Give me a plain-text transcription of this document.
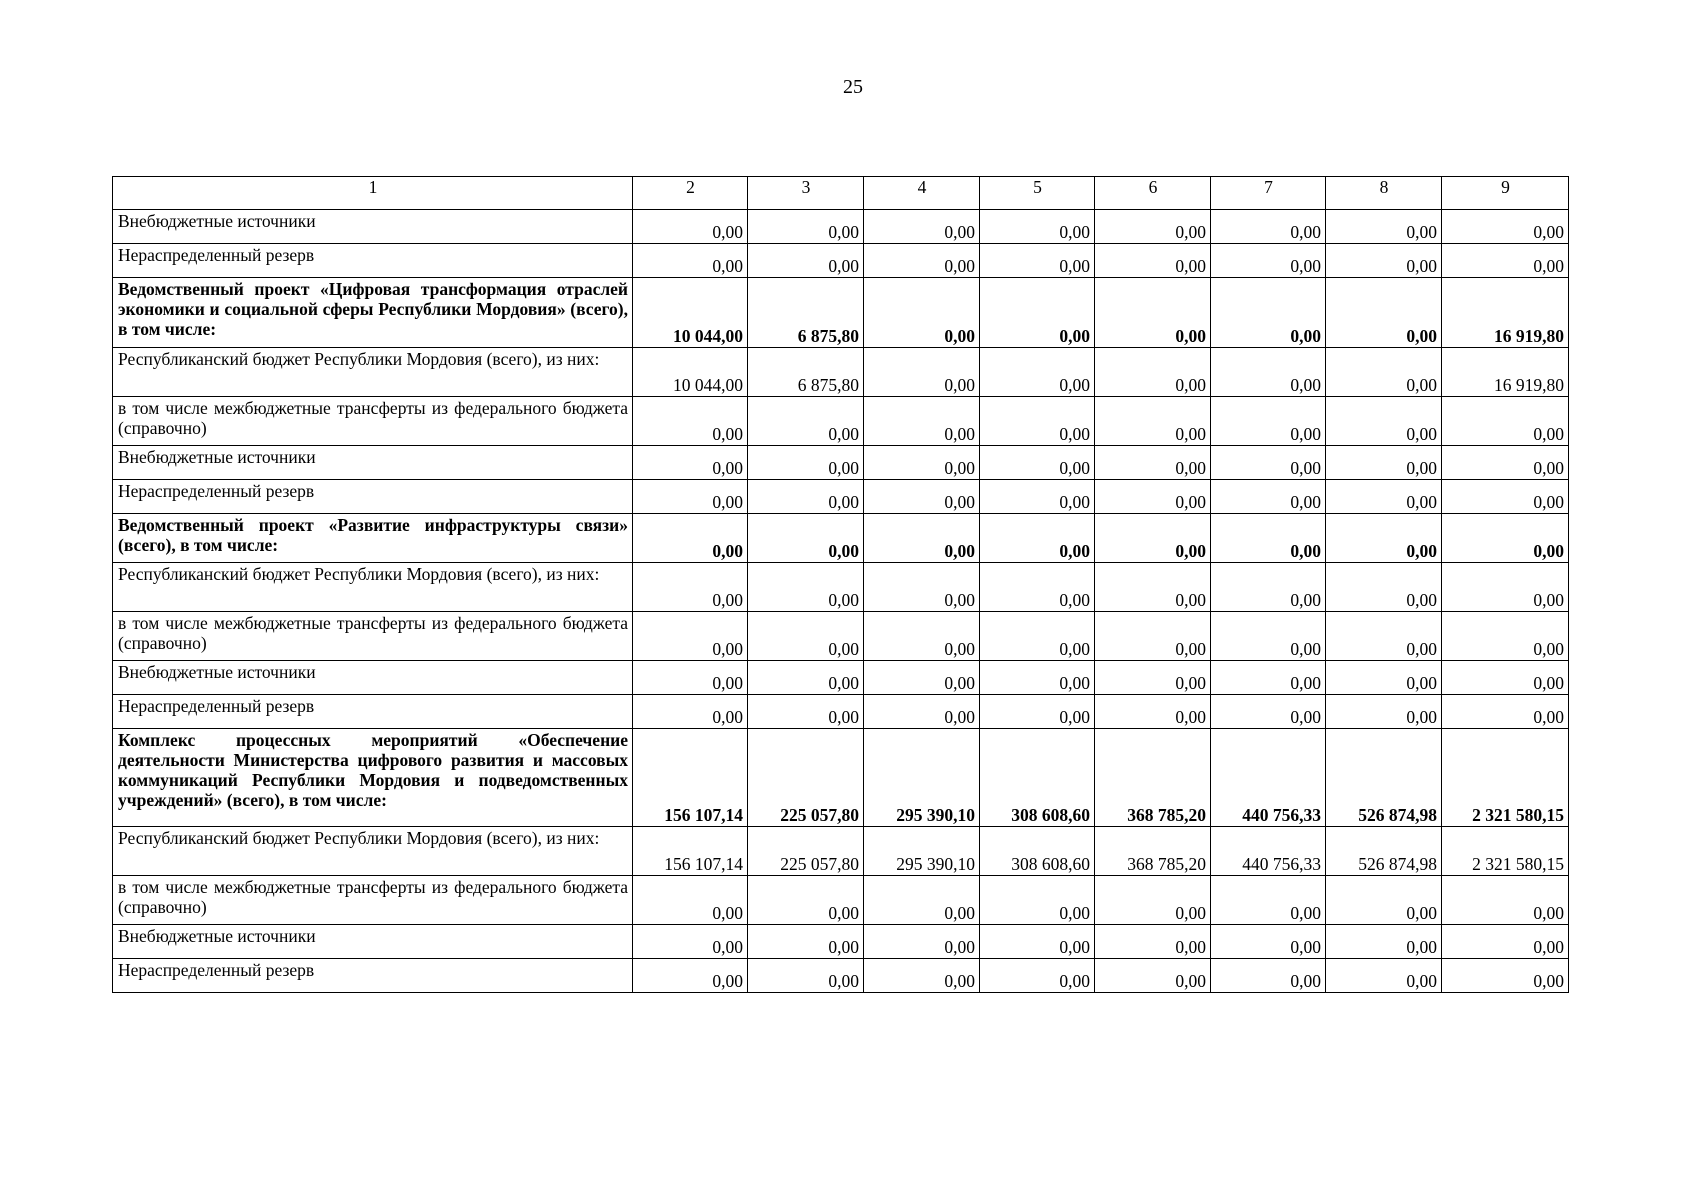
25
1	2	3	4	5	6	7	8	9
Внебюджетные источники	0,00	0,00	0,00	0,00	0,00	0,00	0,00	0,00
Нераспределенный резерв	0,00	0,00	0,00	0,00	0,00	0,00	0,00	0,00
Ведомственный проект «Цифровая трансформация отраслей экономики и социальной сферы Республики Мордовия» (всего), в том числе:	10 044,00	6 875,80	0,00	0,00	0,00	0,00	0,00	16 919,80
Республиканский бюджет Республики Мордовия (всего), из них:	10 044,00	6 875,80	0,00	0,00	0,00	0,00	0,00	16 919,80
в том числе межбюджетные трансферты из федерального бюджета (справочно)	0,00	0,00	0,00	0,00	0,00	0,00	0,00	0,00
Внебюджетные источники	0,00	0,00	0,00	0,00	0,00	0,00	0,00	0,00
Нераспределенный резерв	0,00	0,00	0,00	0,00	0,00	0,00	0,00	0,00
Ведомственный проект «Развитие инфраструктуры связи» (всего), в том числе:	0,00	0,00	0,00	0,00	0,00	0,00	0,00	0,00
Республиканский бюджет Республики Мордовия (всего), из них:	0,00	0,00	0,00	0,00	0,00	0,00	0,00	0,00
в том числе межбюджетные трансферты из федерального бюджета (справочно)	0,00	0,00	0,00	0,00	0,00	0,00	0,00	0,00
Внебюджетные источники	0,00	0,00	0,00	0,00	0,00	0,00	0,00	0,00
Нераспределенный резерв	0,00	0,00	0,00	0,00	0,00	0,00	0,00	0,00
Комплекс процессных мероприятий «Обеспечение деятельности Министерства цифрового развития и массовых коммуникаций Республики Мордовия и подведомственных учреждений» (всего), в том числе:	156 107,14	225 057,80	295 390,10	308 608,60	368 785,20	440 756,33	526 874,98	2 321 580,15
Республиканский бюджет Республики Мордовия (всего), из них:	156 107,14	225 057,80	295 390,10	308 608,60	368 785,20	440 756,33	526 874,98	2 321 580,15
в том числе межбюджетные трансферты из федерального бюджета (справочно)	0,00	0,00	0,00	0,00	0,00	0,00	0,00	0,00
Внебюджетные источники	0,00	0,00	0,00	0,00	0,00	0,00	0,00	0,00
Нераспределенный резерв	0,00	0,00	0,00	0,00	0,00	0,00	0,00	0,00
